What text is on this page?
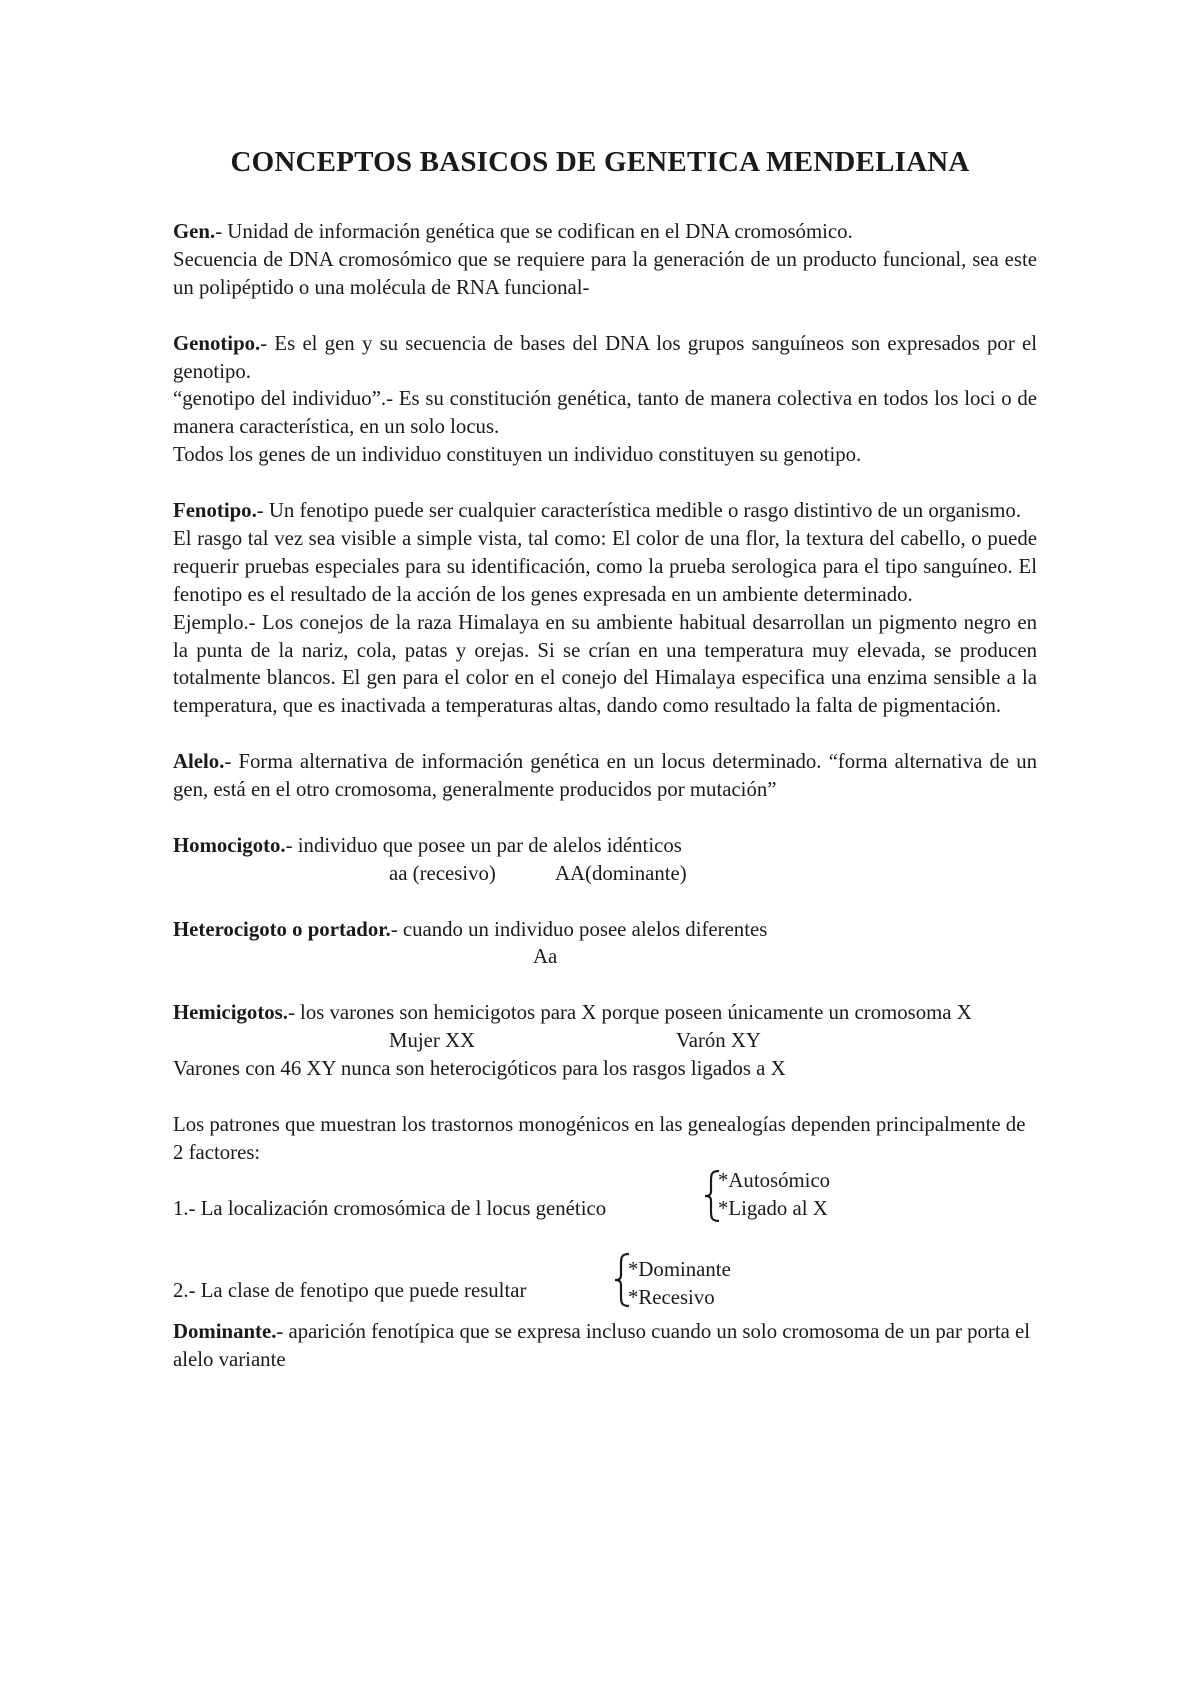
CONCEPTOS BASICOS DE GENETICA MENDELIANA

Gen.- Unidad de información genética que se codifican en el DNA cromosómico.

Secuencia de DNA cromosómico que se requiere para la generación de un producto funcional, sea este un polipéptido o una molécula de RNA funcional-

Genotipo.- Es el gen y su secuencia de bases del DNA los grupos sanguíneos son expresados por el genotipo.

“genotipo del individuo”.- Es su constitución genética, tanto de manera colectiva en todos los loci o de manera característica, en un solo locus.

Todos los genes de un individuo constituyen un individuo constituyen su genotipo.

Fenotipo.- Un fenotipo puede ser cualquier característica medible o rasgo distintivo de un organismo.

El rasgo tal vez sea visible a simple vista, tal como: El color de una flor, la textura del cabello, o puede requerir pruebas especiales para su identificación, como la prueba serologica para el tipo sanguíneo. El fenotipo es el resultado de la acción de los genes expresada en un ambiente determinado.

Ejemplo.- Los conejos de la raza Himalaya en su ambiente habitual desarrollan un pigmento negro en la punta de la nariz, cola, patas y orejas. Si se crían en una temperatura muy elevada, se producen totalmente blancos. El gen para el color en el conejo del Himalaya especifica una enzima sensible a la temperatura, que es inactivada a temperaturas altas, dando como resultado la falta de pigmentación.

Alelo.- Forma alternativa de información genética en un locus determinado. “forma alternativa de un gen, está en el otro cromosoma, generalmente producidos por mutación”

Homocigoto.- individuo que posee un par de alelos idénticos

aa (recesivo)	AA(dominante)

Heterocigoto o portador.- cuando un individuo posee alelos diferentes

Aa

Hemicigotos.- los varones son hemicigotos para X porque poseen únicamente un cromosoma X

Mujer XX	Varón XY

Varones con 46 XY nunca son heterocigóticos para los rasgos ligados a X

Los patrones que muestran los trastornos monogénicos en las genealogías dependen principalmente de 2 factores:

1.- La localización cromosómica de l locus genético
*Autosómico
*Ligado al X
*Dominante
*Recesivo
2.- La clase de fenotipo que puede resultar

Dominante.- aparición fenotípica que se expresa incluso cuando un solo cromosoma de un par porta el alelo variante
